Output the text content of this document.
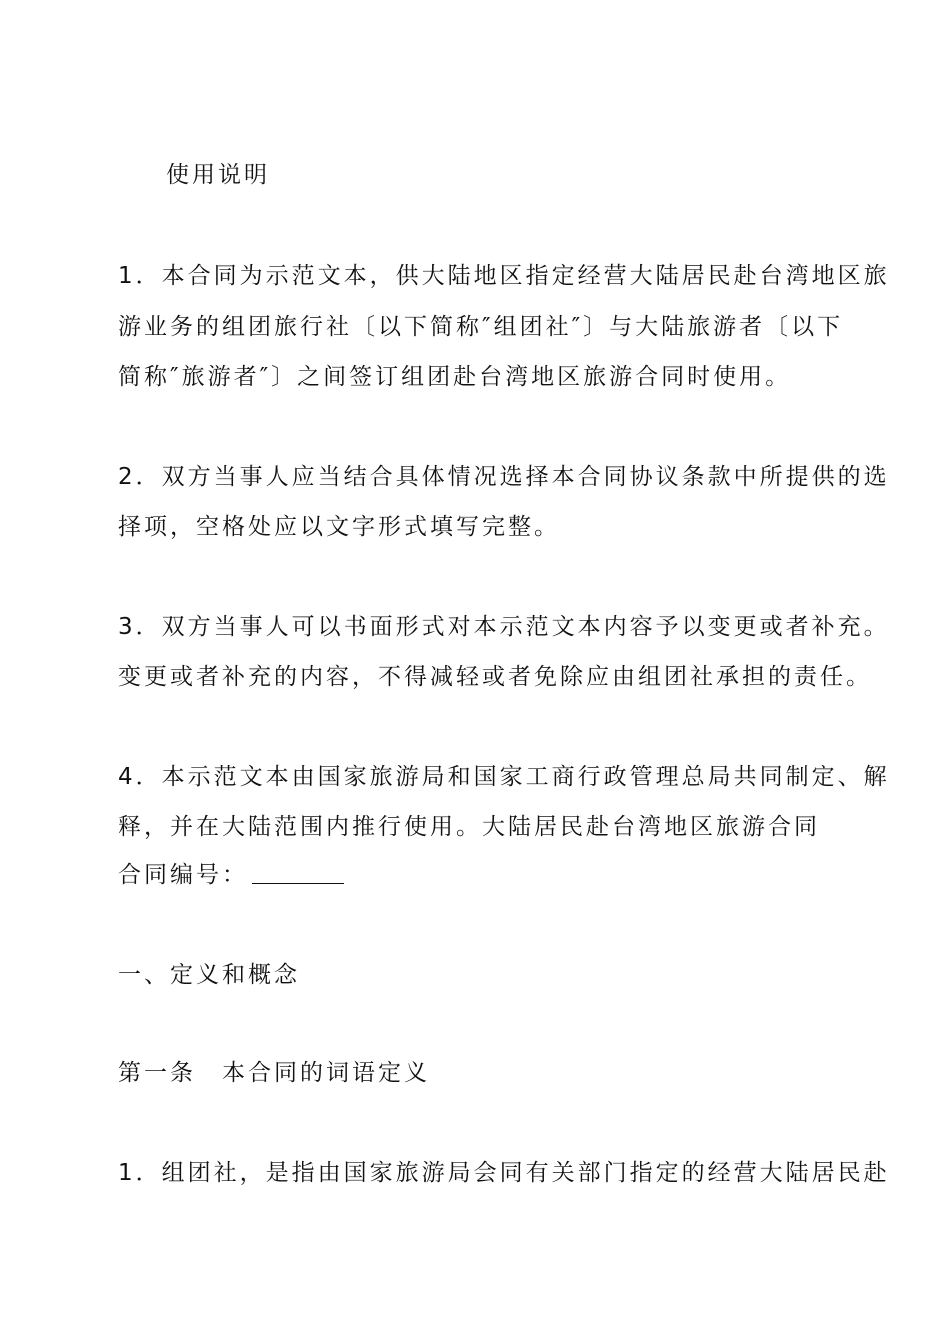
使用说明
1．本合同为示范文本，供大陆地区指定经营大陆居民赴台湾地区旅
游业务的组团旅行社〔以下简称″组团社″〕与大陆旅游者〔以下
简称″旅游者″〕之间签订组团赴台湾地区旅游合同时使用。
2．双方当事人应当结合具体情况选择本合同协议条款中所提供的选
择项，空格处应以文字形式填写完整。
3．双方当事人可以书面形式对本示范文本内容予以变更或者补充。
变更或者补充的内容，不得减轻或者免除应由组团社承担的责任。
4．本示范文本由国家旅游局和国家工商行政管理总局共同制定、解
释，并在大陆范围内推行使用。大陆居民赴台湾地区旅游合同
合同编号：
一、定义和概念
第一条　本合同的词语定义
1．组团社，是指由国家旅游局会同有关部门指定的经营大陆居民赴
